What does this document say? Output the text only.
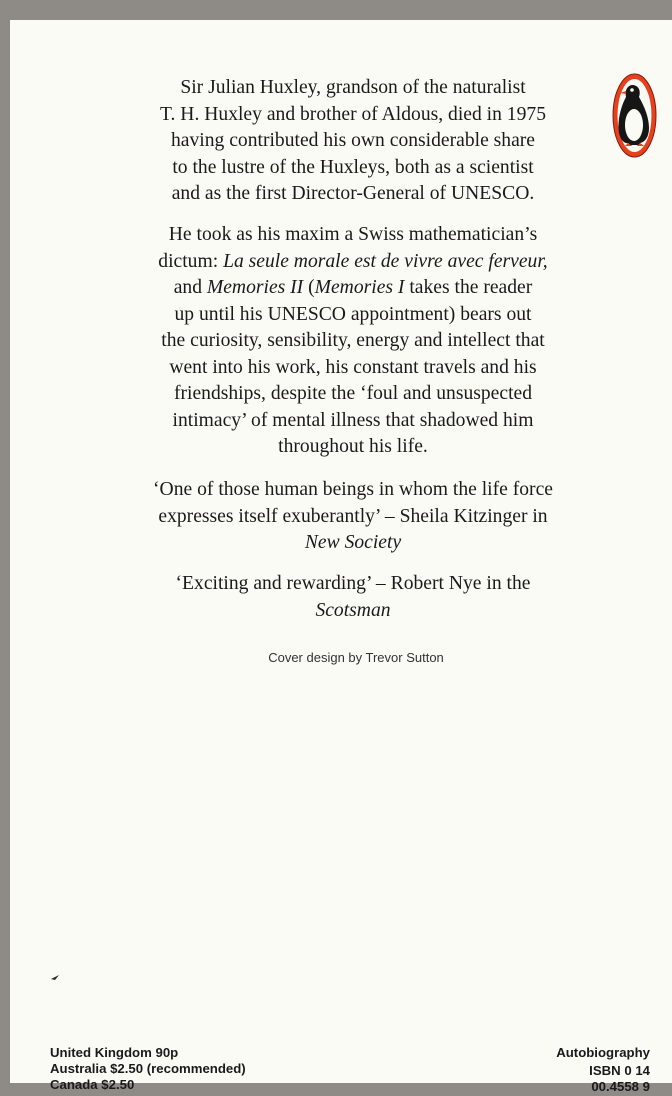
Sir Julian Huxley, grandson of the naturalist

T. H. Huxley and brother of Aldous, died in 1975

having contributed his own considerable share

to the lustre of the Huxleys, both as a scientist

and as the first Director-General of UNESCO.

He took as his maxim a Swiss mathematician’s

dictum: La seule morale est de vivre avec ferveur,

and Memories II (Memories I takes the reader

up until his UNESCO appointment) bears out

the curiosity, sensibility, energy and intellect that

went into his work, his constant travels and his

friendships, despite the ‘foul and unsuspected

intimacy’ of mental illness that shadowed him

throughout his life.

‘One of those human beings in whom the life force

expresses itself exuberantly’ – Sheila Kitzinger in

New Society

‘Exciting and rewarding’ – Robert Nye in the

Scotsman

Cover design by Trevor Sutton
United Kingdom 90p
Australia $2.50 (recommended)
Canada $2.50
Autobiography
ISBN 0 14
00.4558 9
